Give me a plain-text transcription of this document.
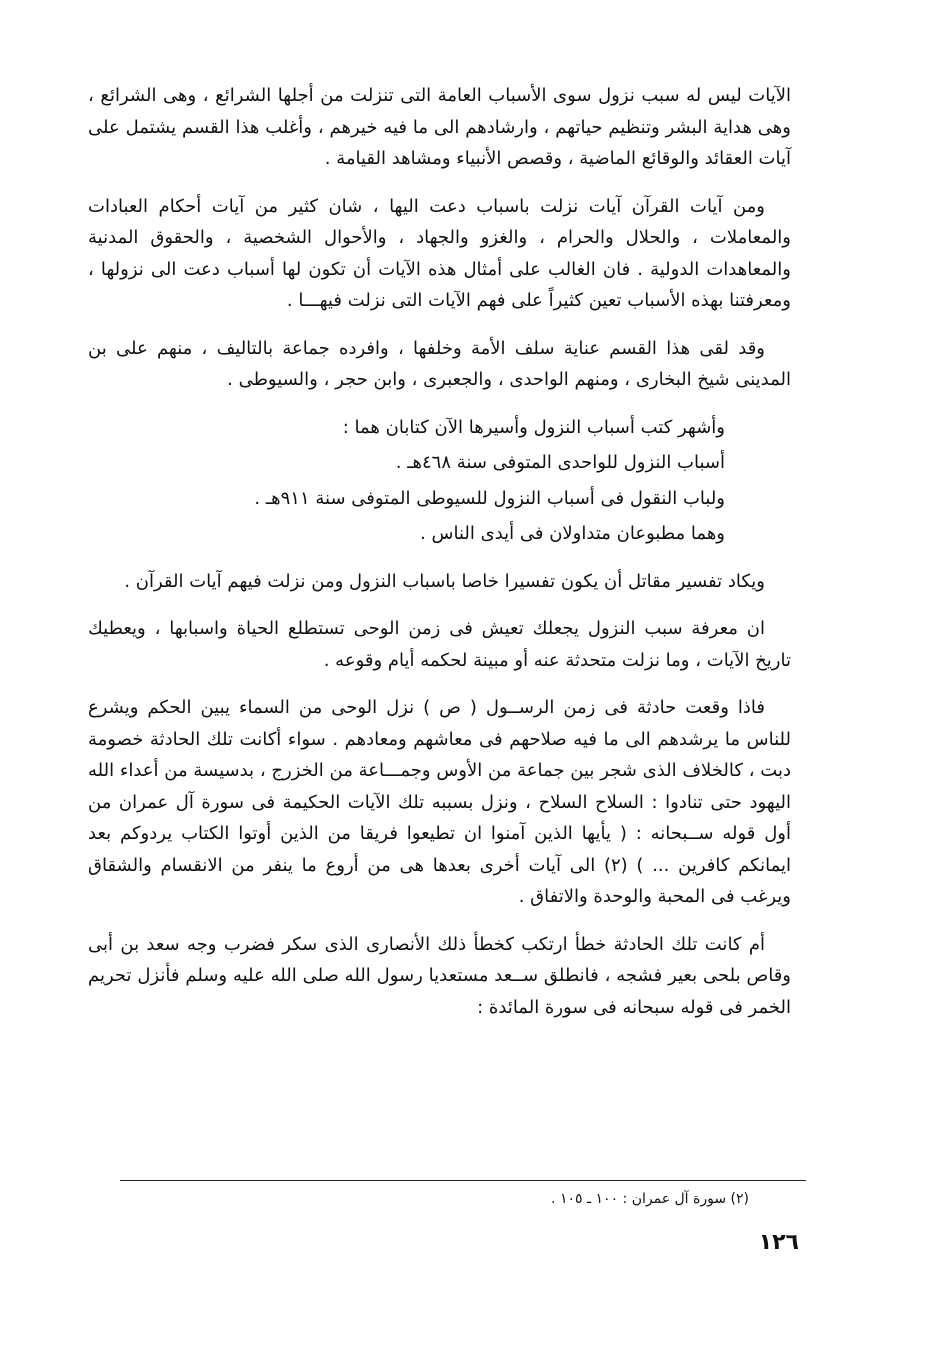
الآيات ليس له سبب نزول سوى الأسباب العامة التى تنزلت من أجلها الشرائع ، وهى الشرائع ، وهى هداية البشر وتنظيم حياتهم ، وارشادهم الى ما فيه خيرهم ، وأغلب هذا القسم يشتمل على آيات العقائد والوقائع الماضية ، وقصص الأنبياء ومشاهد القيامة .

ومن آيات القرآن آيات نزلت باسباب دعت اليها ، شان كثير من آيات أحكام العبادات والمعاملات ، والحلال والحرام ، والغزو والجهاد ، والأحوال الشخصية ، والحقوق المدنية والمعاهدات الدولية . فان الغالب على أمثال هذه الآيات أن تكون لها أسباب دعت الى نزولها ، ومعرفتنا بهذه الأسباب تعين كثيراً على فهم الآيات التى نزلت فيهـــا .

وقد لقى هذا القسم عناية سلف الأمة وخلفها ، وافرده جماعة بالتاليف ، منهم على بن المدينى شيخ البخارى ، ومنهم الواحدى ، والجعبرى ، وابن حجر ، والسيوطى .

وأشهر كتب أسباب النزول وأسيرها الآن كتابان هما :

أسباب النزول للواحدى المتوفى سنة ٤٦٨هـ .

ولباب النقول فى أسباب النزول للسيوطى المتوفى سنة ٩١١هـ .

وهما مطبوعان متداولان فى أيدى الناس .

ويكاد تفسير مقاتل أن يكون تفسيرا خاصا باسباب النزول ومن نزلت فيهم آيات القرآن .

ان معرفة سبب النزول يجعلك تعيش فى زمن الوحى تستطلع الحياة واسبابها ، ويعطيك تاريخ الآيات ، وما نزلت متحدثة عنه أو مبينة لحكمه أيام وقوعه .

فاذا وقعت حادثة فى زمن الرســول ( ص ) نزل الوحى من السماء يبين الحكم ويشرع للناس ما يرشدهم الى ما فيه صلاحهم فى معاشهم ومعادهم . سواء أكانت تلك الحادثة خصومة دبت ، كالخلاف الذى شجر بين جماعة من الأوس وجمـــاعة من الخزرج ، بدسيسة من أعداء الله اليهود حتى تنادوا : السلاح السلاح ، ونزل بسببه تلك الآيات الحكيمة فى سورة آل عمران من أول قوله ســبحانه : ( يأيها الذين آمنوا ان تطيعوا فريقا من الذين أوتوا الكتاب يردوكم بعد ايمانكم كافرين ... ) (٢) الى آيات أخرى بعدها هى من أروع ما ينفر من الانقسام والشقاق ويرغب فى المحبة والوحدة والاتفاق .

أم كانت تلك الحادثة خطأ ارتكب كخطأ ذلك الأنصارى الذى سكر فضرب وجه سعد بن أبى وقاص بلحى بعير فشجه ، فانطلق ســعد مستعديا رسول الله صلى الله عليه وسلم فأنزل تحريم الخمر فى قوله سبحانه فى سورة المائدة :

(٢) سورة آل عمران : ١٠٠ ـ ١٠٥ .
١٢٦
